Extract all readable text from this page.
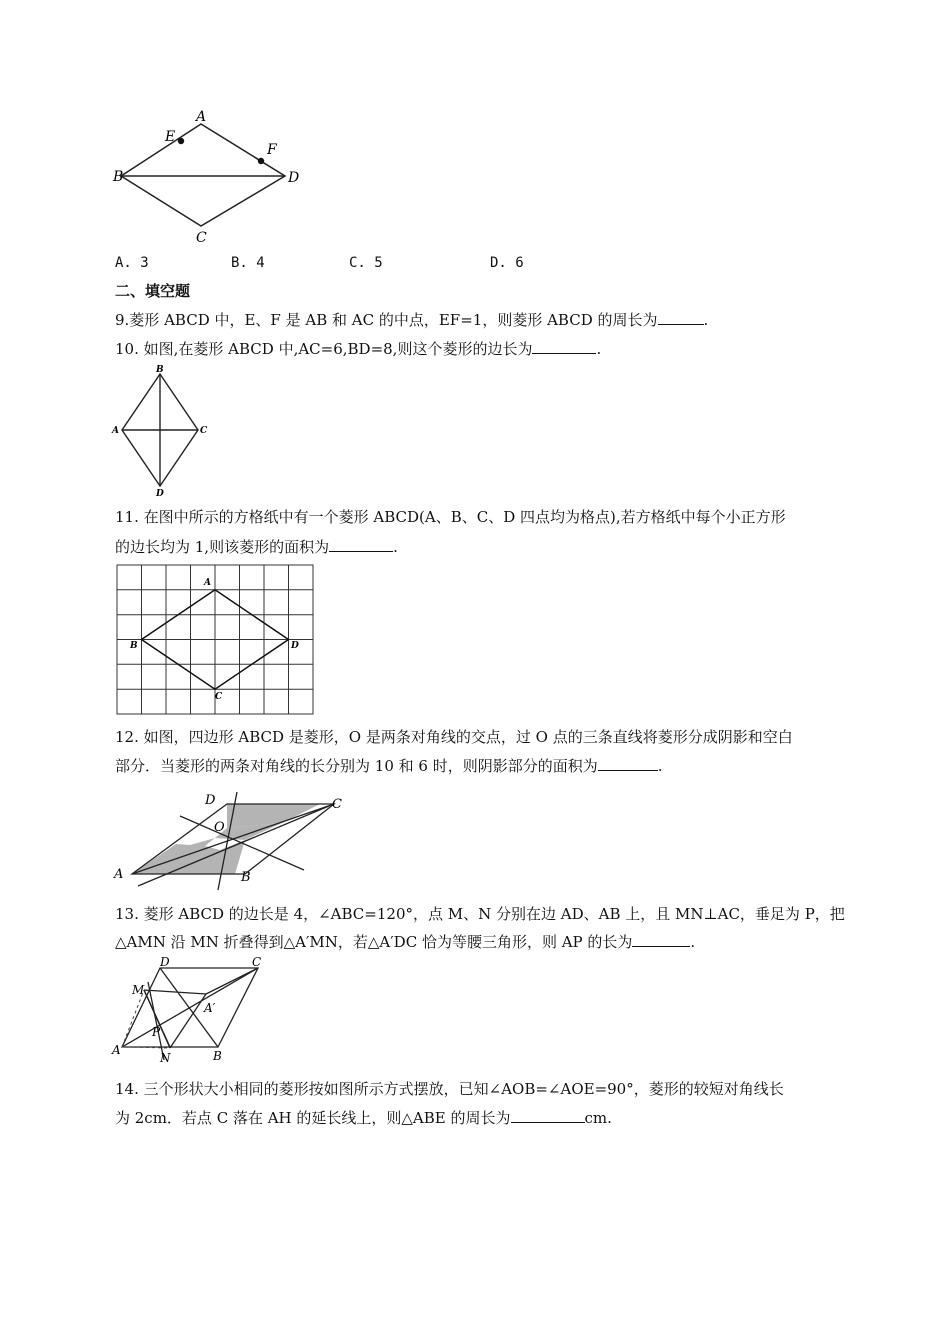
A
E
F
B	D
C
A. 3	B. 4	C. 5	D. 6
二、填空题
9.菱形 ABCD 中，E、F 是 AB 和 AC 的中点，EF=1，则菱形 ABCD 的周长为	.
10. 如图,在菱形 ABCD 中,AC=6,BD=8,则这个菱形的边长为	.
B
A	C
D
11. 在图中所示的方格纸中有一个菱形 ABCD(A、B、C、D 四点均为格点),若方格纸中每个小正方形
的边长均为 1,则该菱形的面积为	.
A
B	D
C
12. 如图，四边形 ABCD 是菱形，O 是两条对角线的交点，过 O 点的三条直线将菱形分成阴影和空白
部分．当菱形的两条对角线的长分别为 10 和 6 时，则阴影部分的面积为	.
D	C
O
A	B
13. 菱形 ABCD 的边长是 4，∠ABC=120°，点 M、N 分别在边 AD、AB 上，且 MN⊥AC，垂足为 P，把
△AMN 沿 MN 折叠得到△A′MN，若△A′DC 恰为等腰三角形，则 AP 的长为	.
D	C
M
A′
P
A
N	B
14. 三个形状大小相同的菱形按如图所示方式摆放，已知∠AOB=∠AOE=90°，菱形的较短对角线长
为 2cm．若点 C 落在 AH 的延长线上，则△ABE 的周长为	cm.
